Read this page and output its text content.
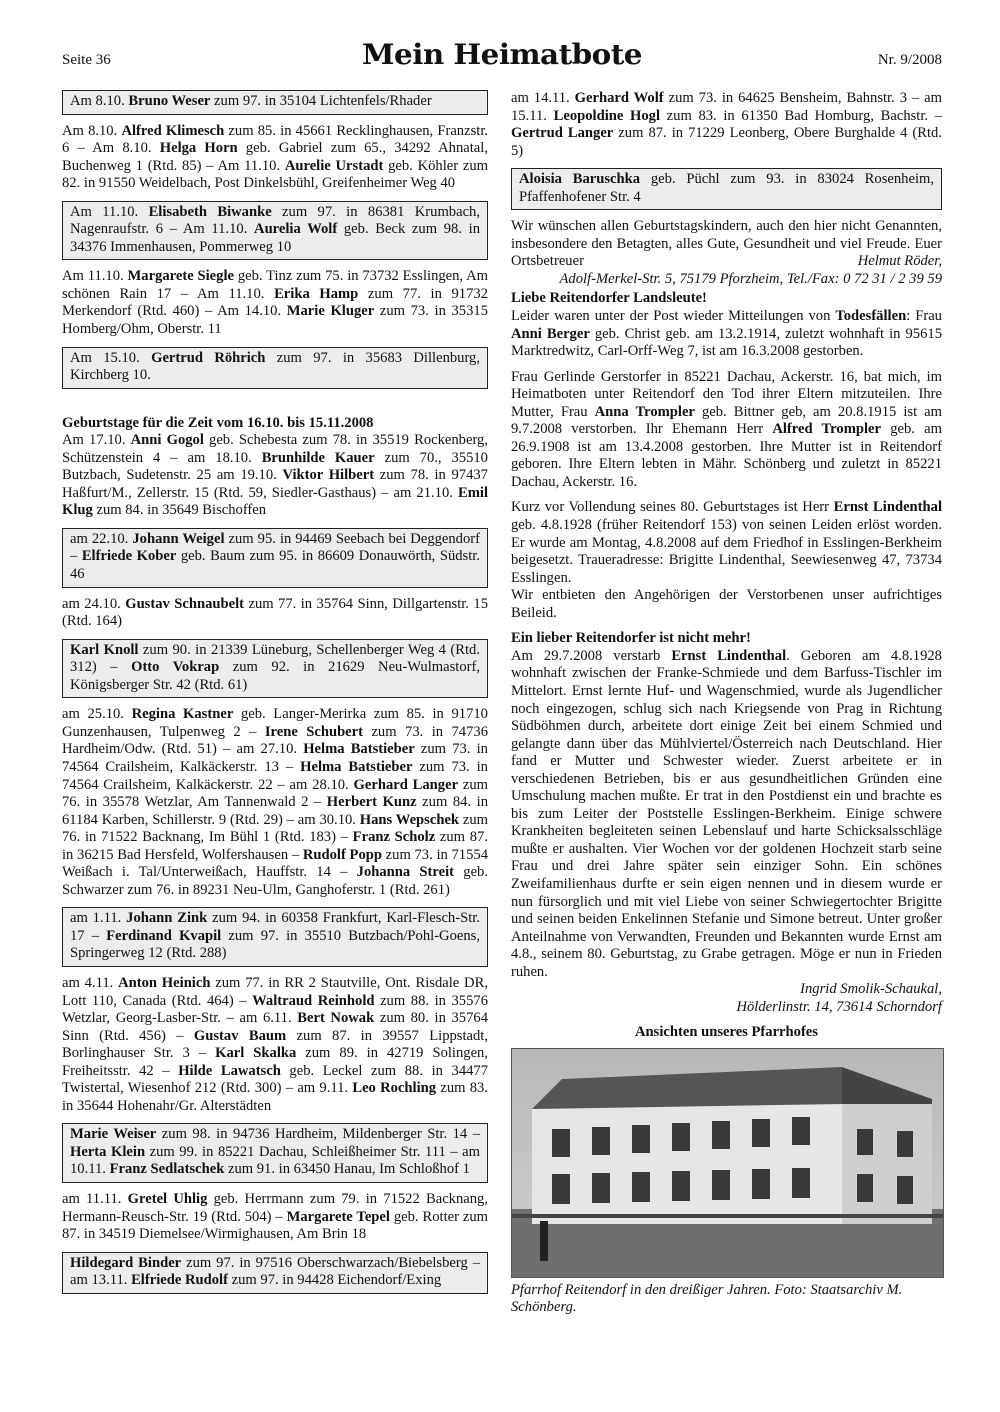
Seite 36	Mein Heimatbote	Nr. 9/2008
Am 8.10. Bruno Weser zum 97. in 35104 Lichtenfels/Rhader

Am 8.10. Alfred Klimesch zum 85. in 45661 Recklinghausen, Franzstr. 6 – Am 8.10. Helga Horn geb. Gabriel zum 65., 34292 Ahnatal, Buchenweg 1 (Rtd. 85) – Am 11.10. Aurelie Urstadt geb. Köhler zum 82. in 91550 Weidelbach, Post Dinkelsbühl, Greifenheimer Weg 40

Am 11.10. Elisabeth Biwanke zum 97. in 86381 Krumbach, Nagenraufstr. 6 – Am 11.10. Aurelia Wolf geb. Beck zum 98. in 34376 Immenhausen, Pommerweg 10

Am 11.10. Margarete Siegle geb. Tinz zum 75. in 73732 Esslingen, Am schönen Rain 17 – Am 11.10. Erika Hamp zum 77. in 91732 Merkendorf (Rtd. 460) – Am 14.10. Marie Kluger zum 73. in 35315 Homberg/Ohm, Oberstr. 11

Am 15.10. Gertrud Röhrich zum 97. in 35683 Dillenburg, Kirchberg 10.

Geburtstage für die Zeit vom 16.10. bis 15.11.2008

Am 17.10. Anni Gogol geb. Schebesta zum 78. in 35519 Rockenberg, Schützenstein 4 – am 18.10. Brunhilde Kauer zum 70., 35510 Butzbach, Sudetenstr. 25 am 19.10. Viktor Hilbert zum 78. in 97437 Haßfurt/M., Zellerstr. 15 (Rtd. 59, Siedler-Gasthaus) – am 21.10. Emil Klug zum 84. in 35649 Bischoffen

am 22.10. Johann Weigel zum 95. in 94469 Seebach bei Deggendorf – Elfriede Kober geb. Baum zum 95. in 86609 Donauwörth, Südstr. 46

am 24.10. Gustav Schnaubelt zum 77. in 35764 Sinn, Dillgartenstr. 15 (Rtd. 164)

Karl Knoll zum 90. in 21339 Lüneburg, Schellenberger Weg 4 (Rtd. 312) – Otto Vokrap zum 92. in 21629 Neu-Wulmastorf, Königsberger Str. 42 (Rtd. 61)

am 25.10. Regina Kastner geb. Langer-Merirka zum 85. in 91710 Gunzenhausen, Tulpenweg 2 – Irene Schubert zum 73. in 74736 Hardheim/Odw. (Rtd. 51) – am 27.10. Helma Batstieber zum 73. in 74564 Crailsheim, Kalkäckerstr. 13 – Helma Batstieber zum 73. in 74564 Crailsheim, Kalkäckerstr. 22 – am 28.10. Gerhard Langer zum 76. in 35578 Wetzlar, Am Tannenwald 2 – Herbert Kunz zum 84. in 61184 Karben, Schillerstr. 9 (Rtd. 29) – am 30.10. Hans Wepschek zum 76. in 71522 Backnang, Im Bühl 1 (Rtd. 183) – Franz Scholz zum 87. in 36215 Bad Hersfeld, Wolfershausen – Rudolf Popp zum 73. in 71554 Weißach i. Tal/Unterweißach, Hauffstr. 14 – Johanna Streit geb. Schwarzer zum 76. in 89231 Neu-Ulm, Ganghoferstr. 1 (Rtd. 261)

am 1.11. Johann Zink zum 94. in 60358 Frankfurt, Karl-Flesch-Str. 17 – Ferdinand Kvapil zum 97. in 35510 Butzbach/Pohl-Goens, Springerweg 12 (Rtd. 288)

am 4.11. Anton Heinich zum 77. in RR 2 Stautville, Ont. Risdale DR, Lott 110, Canada (Rtd. 464) – Waltraud Reinhold zum 88. in 35576 Wetzlar, Georg-Lasber-Str. – am 6.11. Bert Nowak zum 80. in 35764 Sinn (Rtd. 456) – Gustav Baum zum 87. in 39557 Lippstadt, Borlinghauser Str. 3 – Karl Skalka zum 89. in 42719 Solingen, Freiheitsstr. 42 – Hilde Lawatsch geb. Leckel zum 88. in 34477 Twistertal, Wiesenhof 212 (Rtd. 300) – am 9.11. Leo Rochling zum 83. in 35644 Hohenahr/Gr. Alterstädten

Marie Weiser zum 98. in 94736 Hardheim, Mildenberger Str. 14 – Herta Klein zum 99. in 85221 Dachau, Schleißheimer Str. 111 – am 10.11. Franz Sedlatschek zum 91. in 63450 Hanau, Im Schloßhof 1

am 11.11. Gretel Uhlig geb. Herrmann zum 79. in 71522 Backnang, Hermann-Reusch-Str. 19 (Rtd. 504) – Margarete Tepel geb. Rotter zum 87. in 34519 Diemelsee/Wirmighausen, Am Brin 18

Hildegard Binder zum 97. in 97516 Oberschwarzach/Biebelsberg – am 13.11. Elfriede Rudolf zum 97. in 94428 Eichendorf/Exing

am 14.11. Gerhard Wolf zum 73. in 64625 Bensheim, Bahnstr. 3 – am 15.11. Leopoldine Hogl zum 83. in 61350 Bad Homburg, Bachstr. – Gertrud Langer zum 87. in 71229 Leonberg, Obere Burghalde 4 (Rtd. 5)

Aloisia Baruschka geb. Püchl zum 93. in 83024 Rosenheim, Pfaffenhofener Str. 4

Wir wünschen allen Geburtstagskindern, auch den hier nicht Genannten, insbesondere den Betagten, alles Gute, Gesundheit und viel Freude. Euer Ortsbetreuer	Helmut Röder,

Adolf-Merkel-Str. 5, 75179 Pforzheim, Tel./Fax: 0 72 31 / 2 39 59

Liebe Reitendorfer Landsleute!

Leider waren unter der Post wieder Mitteilungen von Todesfällen: Frau Anni Berger geb. Christ geb. am 13.2.1914, zuletzt wohnhaft in 95615 Marktredwitz, Carl-Orff-Weg 7, ist am 16.3.2008 gestorben.

Frau Gerlinde Gerstorfer in 85221 Dachau, Ackerstr. 16, bat mich, im Heimatboten unter Reitendorf den Tod ihrer Eltern mitzuteilen. Ihre Mutter, Frau Anna Trompler geb. Bittner geb, am 20.8.1915 ist am 9.7.2008 verstorben. Ihr Ehemann Herr Alfred Trompler geb. am 26.9.1908 ist am 13.4.2008 gestorben. Ihre Mutter ist in Reitendorf geboren. Ihre Eltern lebten in Mähr. Schönberg und zuletzt in 85221 Dachau, Ackerstr. 16.

Kurz vor Vollendung seines 80. Geburtstages ist Herr Ernst Lindenthal geb. 4.8.1928 (früher Reitendorf 153) von seinen Leiden erlöst worden. Er wurde am Montag, 4.8.2008 auf dem Friedhof in Esslingen-Berkheim beigesetzt. Traueradresse: Brigitte Lindenthal, Seewiesenweg 47, 73734 Esslingen.

Wir entbieten den Angehörigen der Verstorbenen unser aufrichtiges Beileid.

Ein lieber Reitendorfer ist nicht mehr!

Am 29.7.2008 verstarb Ernst Lindenthal. Geboren am 4.8.1928 wohnhaft zwischen der Franke-Schmiede und dem Barfuss-Tischler im Mittelort. Ernst lernte Huf- und Wagenschmied, wurde als Jugendlicher noch eingezogen, schlug sich nach Kriegsende von Prag in Richtung Südböhmen durch, arbeitete dort einige Zeit bei einem Schmied und gelangte dann über das Mühlviertel/Österreich nach Deutschland. Hier fand er Mutter und Schwester wieder. Zuerst arbeitete er in verschiedenen Betrieben, bis er aus gesundheitlichen Gründen eine Umschulung machen mußte. Er trat in den Postdienst ein und brachte es bis zum Leiter der Poststelle Esslingen-Berkheim. Einige schwere Krankheiten begleiteten seinen Lebenslauf und harte Schicksalsschläge mußte er aushalten. Vier Wochen vor der goldenen Hochzeit starb seine Frau und drei Jahre später sein einziger Sohn. Ein schönes Zweifamilienhaus durfte er sein eigen nennen und in diesem wurde er nun fürsorglich und mit viel Liebe von seiner Schwiegertochter Brigitte und seinen beiden Enkelinnen Stefanie und Simone betreut. Unter großer Anteilnahme von Verwandten, Freunden und Bekannten wurde Ernst am 4.8., seinem 80. Geburtstag, zu Grabe getragen. Möge er nun in Frieden ruhen.

Ingrid Smolik-Schaukal,

Hölderlinstr. 14, 73614 Schorndorf

Ansichten unseres Pfarrhofes

Pfarrhof Reitendorf in den dreißiger Jahren. Foto: Staatsarchiv M. Schönberg.
